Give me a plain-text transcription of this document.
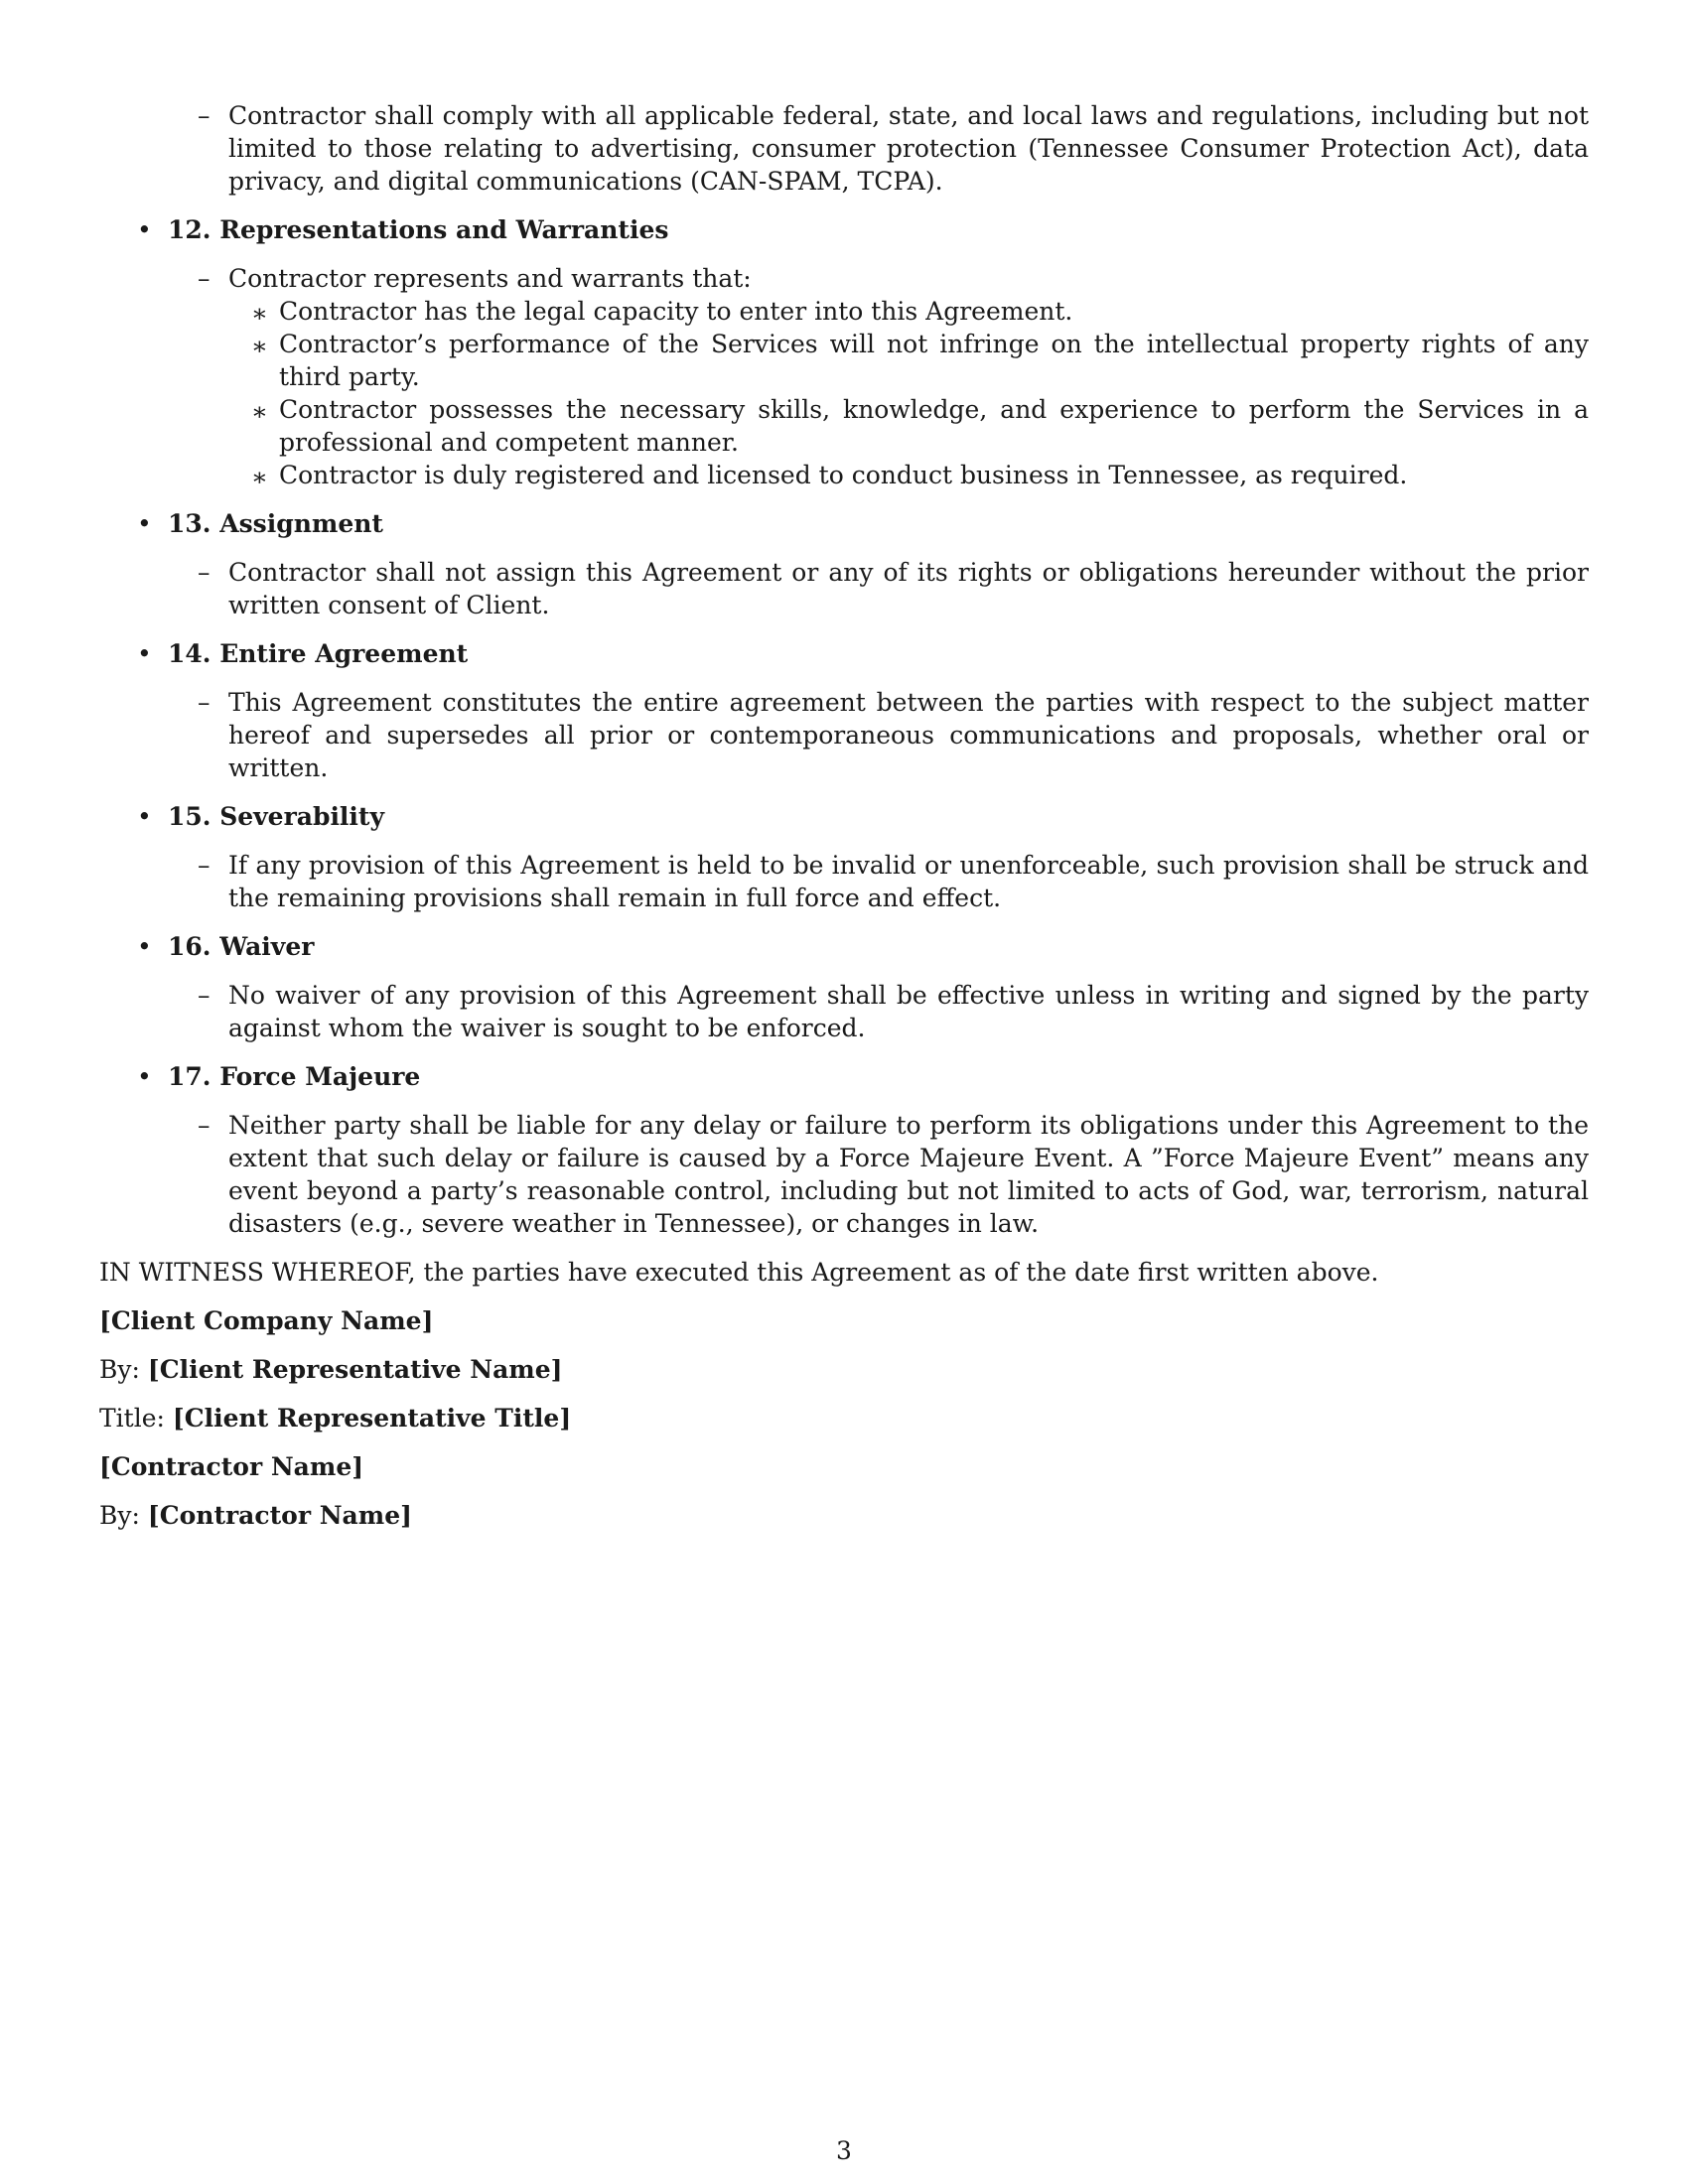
– Contractor shall comply with all applicable federal, state, and local laws and regulations, including but not limited to those relating to advertising, consumer protection (Tennessee Consumer Protection Act), data privacy, and digital communications (CAN-SPAM, TCPA).
• 12. Representations and Warranties
– Contractor represents and warrants that:
∗ Contractor has the legal capacity to enter into this Agreement.
∗ Contractor’s performance of the Services will not infringe on the intellectual property rights of any third party.
∗ Contractor possesses the necessary skills, knowledge, and experience to perform the Services in a professional and competent manner.
∗ Contractor is duly registered and licensed to conduct business in Tennessee, as required.
• 13. Assignment
– Contractor shall not assign this Agreement or any of its rights or obligations hereunder without the prior written consent of Client.
• 14. Entire Agreement
– This Agreement constitutes the entire agreement between the parties with respect to the subject matter hereof and supersedes all prior or contemporaneous communications and proposals, whether oral or written.
• 15. Severability
– If any provision of this Agreement is held to be invalid or unenforceable, such provision shall be struck and the remaining provisions shall remain in full force and effect.
• 16. Waiver
– No waiver of any provision of this Agreement shall be effective unless in writing and signed by the party against whom the waiver is sought to be enforced.
• 17. Force Majeure
– Neither party shall be liable for any delay or failure to perform its obligations under this Agreement to the extent that such delay or failure is caused by a Force Majeure Event. A ”Force Majeure Event” means any event beyond a party’s reasonable control, including but not limited to acts of God, war, terrorism, natural disasters (e.g., severe weather in Tennessee), or changes in law.
IN WITNESS WHEREOF, the parties have executed this Agreement as of the date first written above.
[Client Company Name]
By: [Client Representative Name]
Title: [Client Representative Title]
[Contractor Name]
By: [Contractor Name]
3
